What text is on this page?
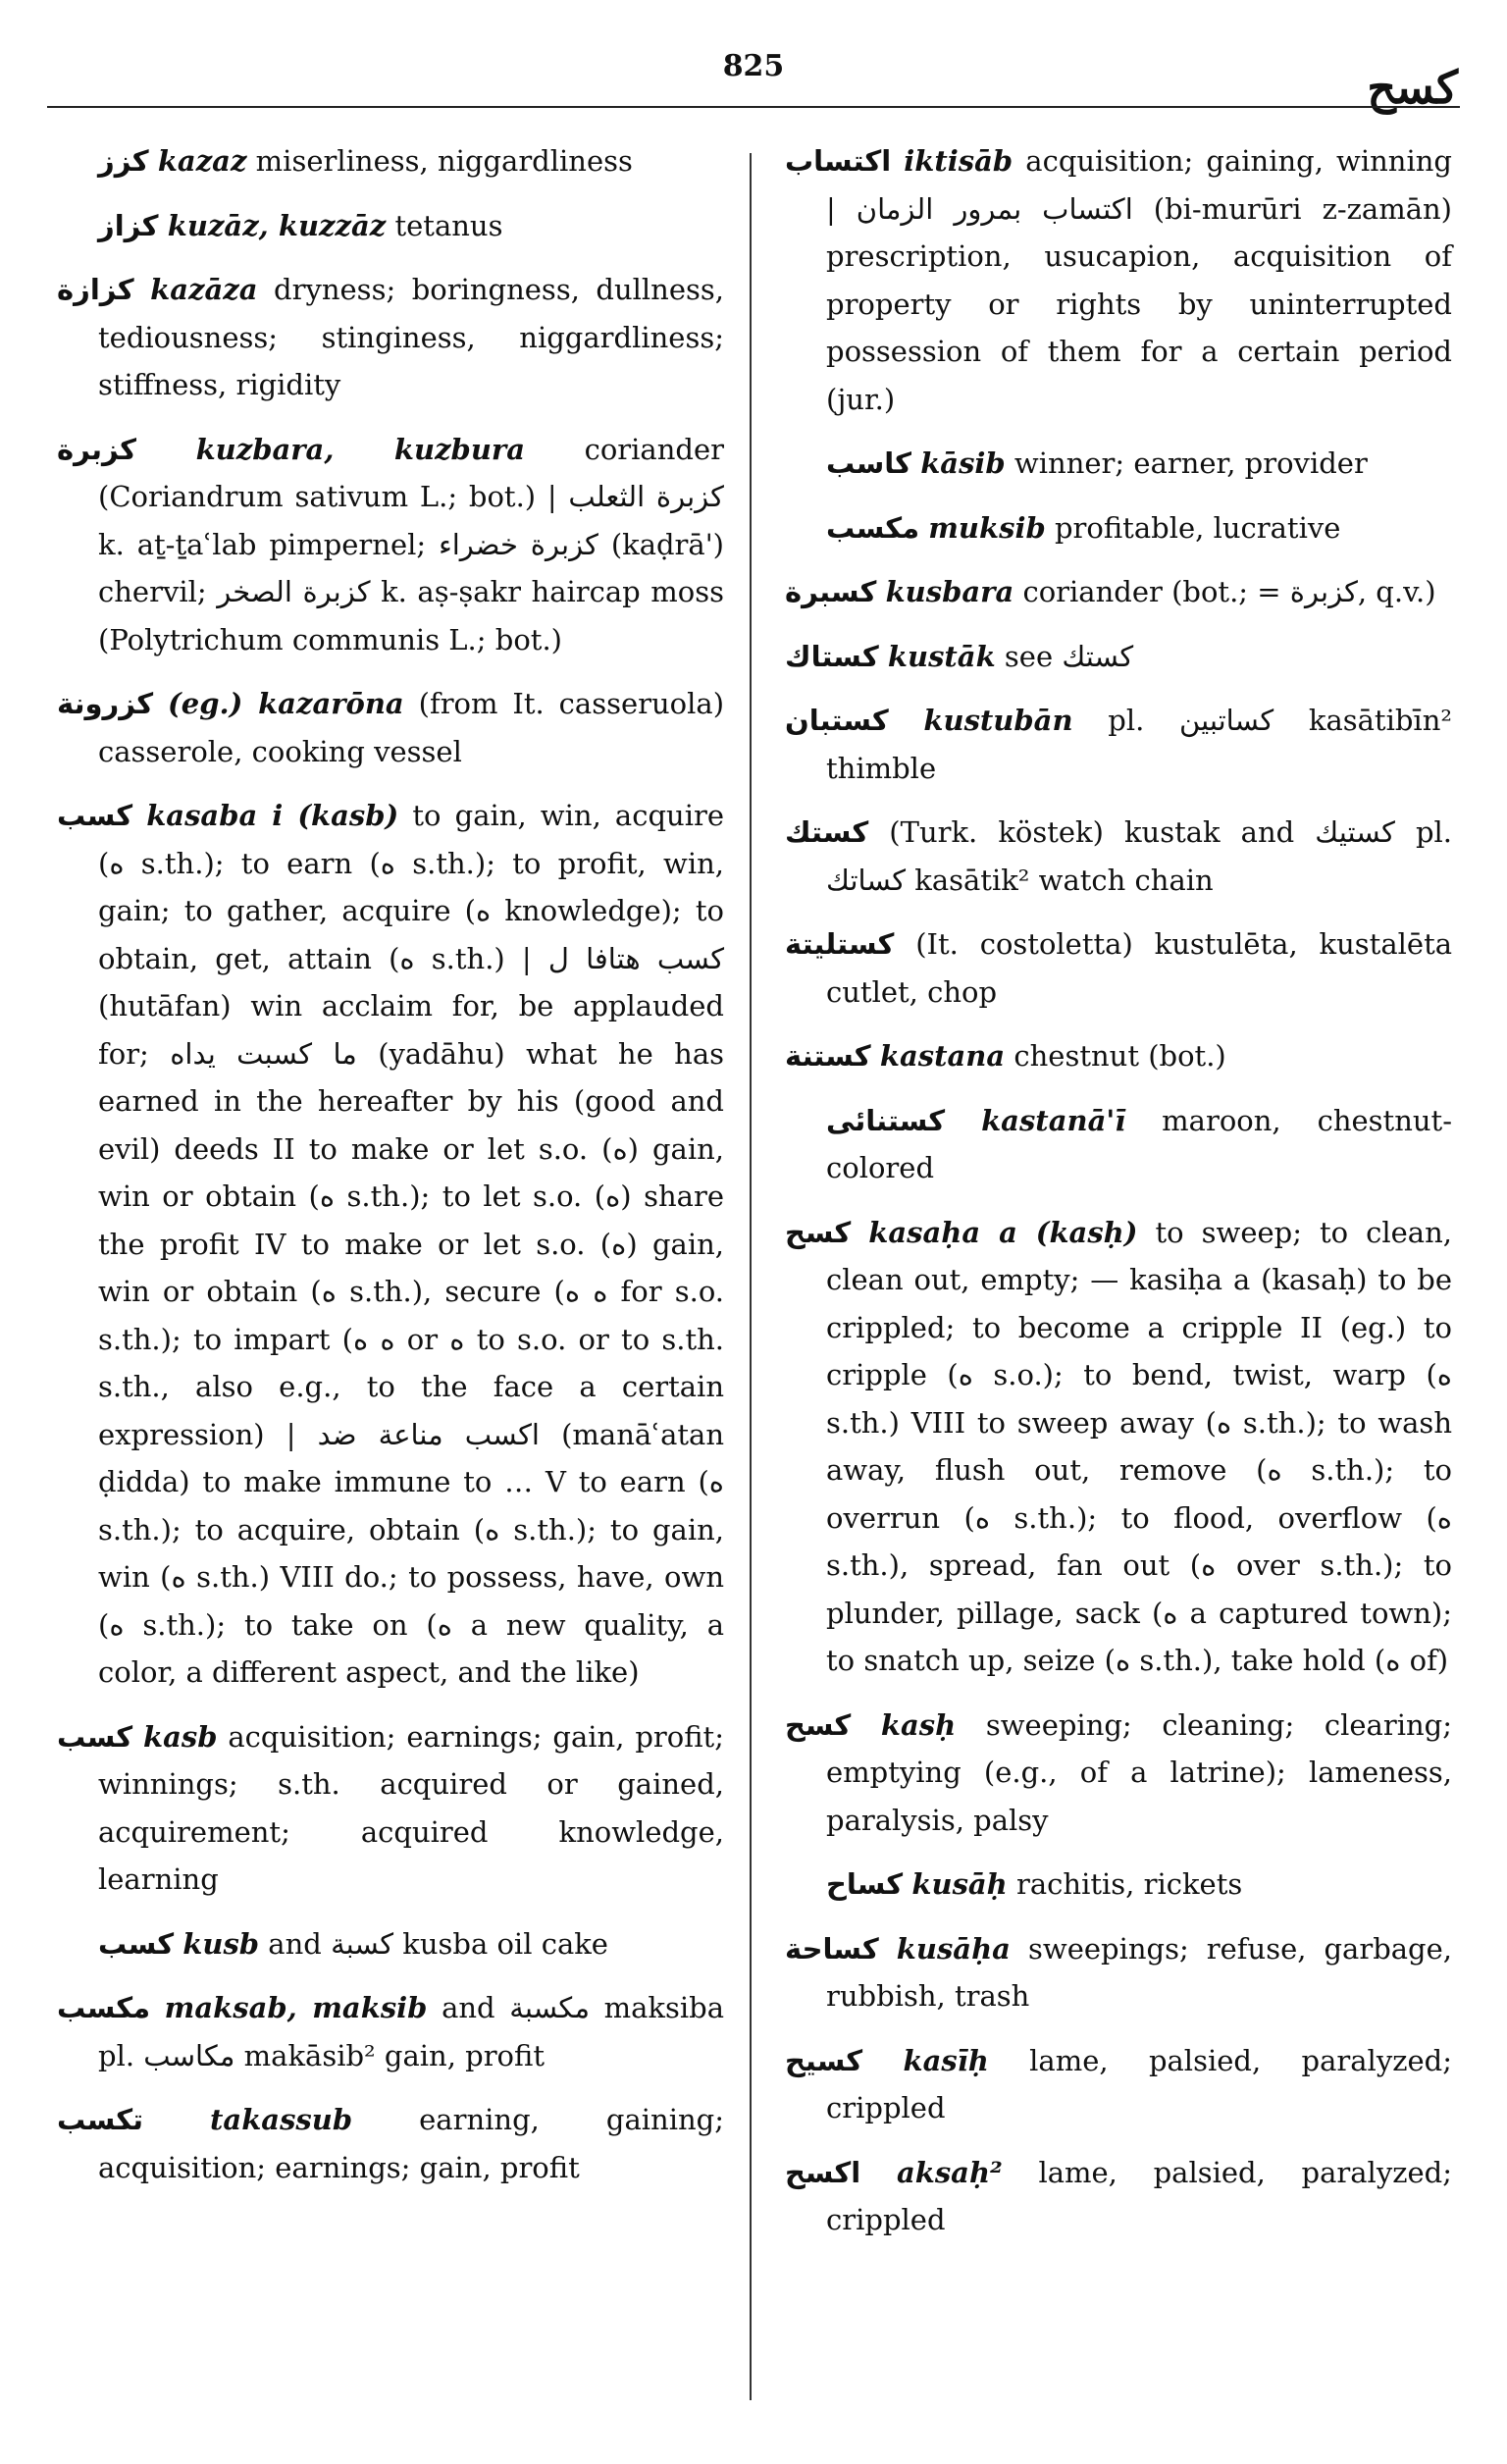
825	كسح
كزز kazaz miserliness, niggardliness
كزاز kuzāz, kuzzāz tetanus
كزازة kazāza dryness; boringness, dullness, tediousness; stinginess, niggardliness; stiffness, rigidity
كزبرة kuzbara, kuzbura coriander (Coriandrum sativum L.; bot.) | كزبرة الثعلب k. aṯ-ṯaʿlab pimpernel; كزبرة خضراء (kaḍrā') chervil; كزبرة الصخر k. aṣ-ṣakr haircap moss (Polytrichum communis L.; bot.)
كزرونة (eg.) kazarōna (from It. casseruola) casserole, cooking vessel
كسب kasaba i (kasb) to gain, win, acquire (ه s.th.); to earn (ه s.th.); to profit, win, gain; to gather, acquire (ه knowledge); to obtain, get, attain (ه s.th.) | كسب هتافا ل (hutāfan) win acclaim for, be applauded for; ما كسبت يداه (yadāhu) what he has earned in the hereafter by his (good and evil) deeds II to make or let s.o. (ه) gain, win or obtain (ه s.th.); to let s.o. (ه) share the profit IV to make or let s.o. (ه) gain, win or obtain (ه s.th.), secure (ه ه for s.o. s.th.); to impart (ه ه or ه to s.o. or to s.th. s.th., also e.g., to the face a certain expression) | اكسب مناعة ضد (manāʿatan ḍidda) to make immune to … V to earn (ه s.th.); to acquire, obtain (ه s.th.); to gain, win (ه s.th.) VIII do.; to possess, have, own (ه s.th.); to take on (ه a new quality, a color, a different aspect, and the like)
كسب kasb acquisition; earnings; gain, profit; winnings; s.th. acquired or gained, acquirement; acquired knowledge, learning
كسب kusb and كسبة kusba oil cake
مكسب maksab, maksib and مكسبة maksiba pl. مكاسب makāsib² gain, profit
تكسب takassub earning, gaining; acquisition; earnings; gain, profit
اكتساب iktisāb acquisition; gaining, winning | اكتساب بمرور الزمان (bi-murūri z-zamān) prescription, usucapion, acquisition of property or rights by uninterrupted possession of them for a certain period (jur.)
كاسب kāsib winner; earner, provider
مكسب muksib profitable, lucrative
كسبرة kusbara coriander (bot.; = كزبرة, q.v.)
كستاك kustāk see كستك
كستبان kustubān pl. كساتبين kasātibīn² thimble
كستك (Turk. köstek) kustak and كستيك pl. كساتك kasātik² watch chain
كستليتة (It. costoletta) kustulēta, kustalēta cutlet, chop
كستنة kastana chestnut (bot.)
كستنائى kastanā'ī maroon, chestnut-colored
كسح kasaḥa a (kasḥ) to sweep; to clean, clean out, empty; — kasiḥa a (kasaḥ) to be crippled; to become a cripple II (eg.) to cripple (ه s.o.); to bend, twist, warp (ه s.th.) VIII to sweep away (ه s.th.); to wash away, flush out, remove (ه s.th.); to overrun (ه s.th.); to flood, overflow (ه s.th.), spread, fan out (ه over s.th.); to plunder, pillage, sack (ه a captured town); to snatch up, seize (ه s.th.), take hold (ه of)
كسح kasḥ sweeping; cleaning; clearing; emptying (e.g., of a latrine); lameness, paralysis, palsy
كساح kusāḥ rachitis, rickets
كساحة kusāḥa sweepings; refuse, garbage, rubbish, trash
كسيح kasīḥ lame, palsied, paralyzed; crippled
اكسح aksaḥ² lame, palsied, paralyzed; crippled
